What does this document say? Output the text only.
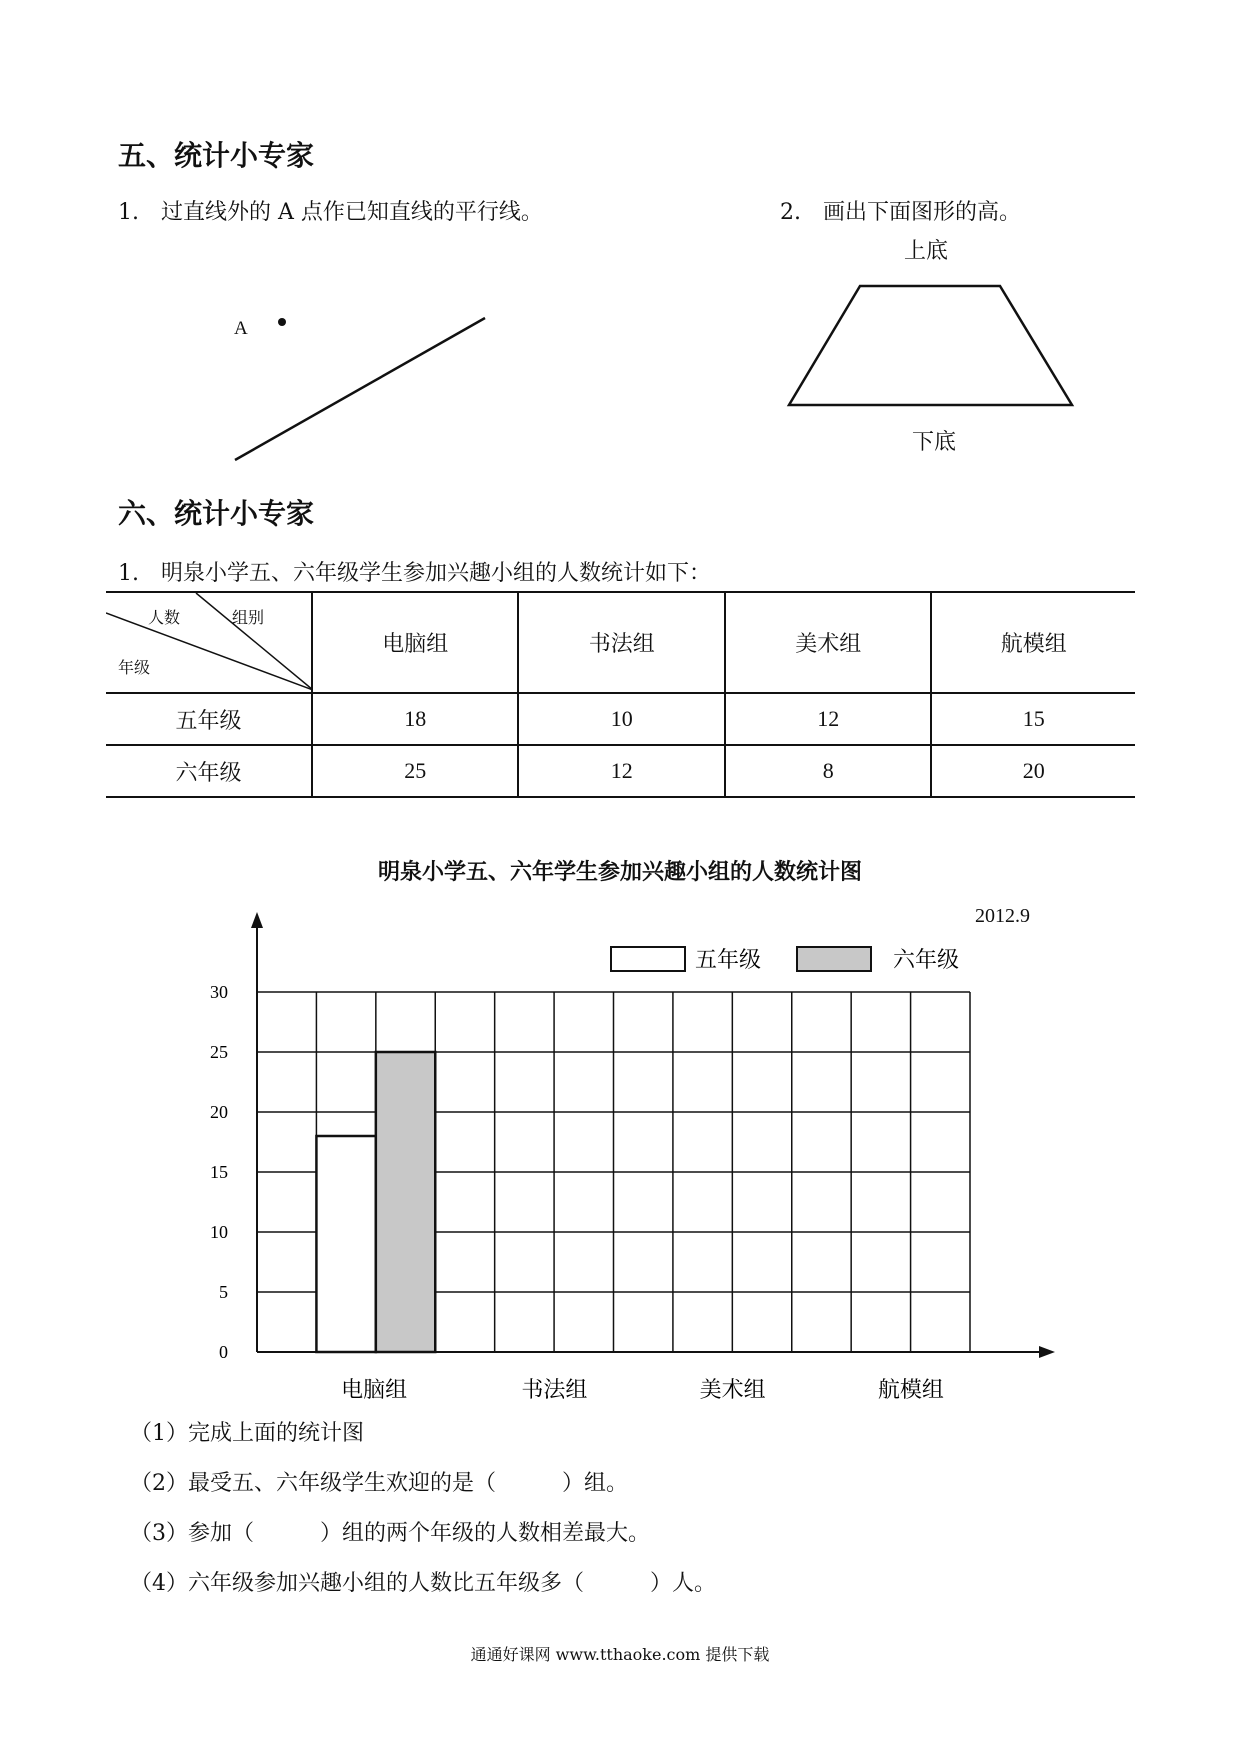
五、统计小专家
1.　过直线外的 A 点作已知直线的平行线。	2.　画出下面图形的高。
A
上底
下底
六、统计小专家
1.　明泉小学五、六年级学生参加兴趣小组的人数统计如下：
人数 组别
年级	电脑组	书法组	美术组	航模组
五年级	18	10	12	15
六年级	25	12	8	20
明泉小学五、六年学生参加兴趣小组的人数统计图
2012.9
0
5
10
15
20
25
30
电脑组	书法组	美术组	航模组
五年级	六年级
（1）完成上面的统计图
（2）最受五、六年级学生欢迎的是（　　　）组。
（3）参加（　　　）组的两个年级的人数相差最大。
（4）六年级参加兴趣小组的人数比五年级多（　　　）人。
通通好课网 www.tthaoke.com 提供下载
